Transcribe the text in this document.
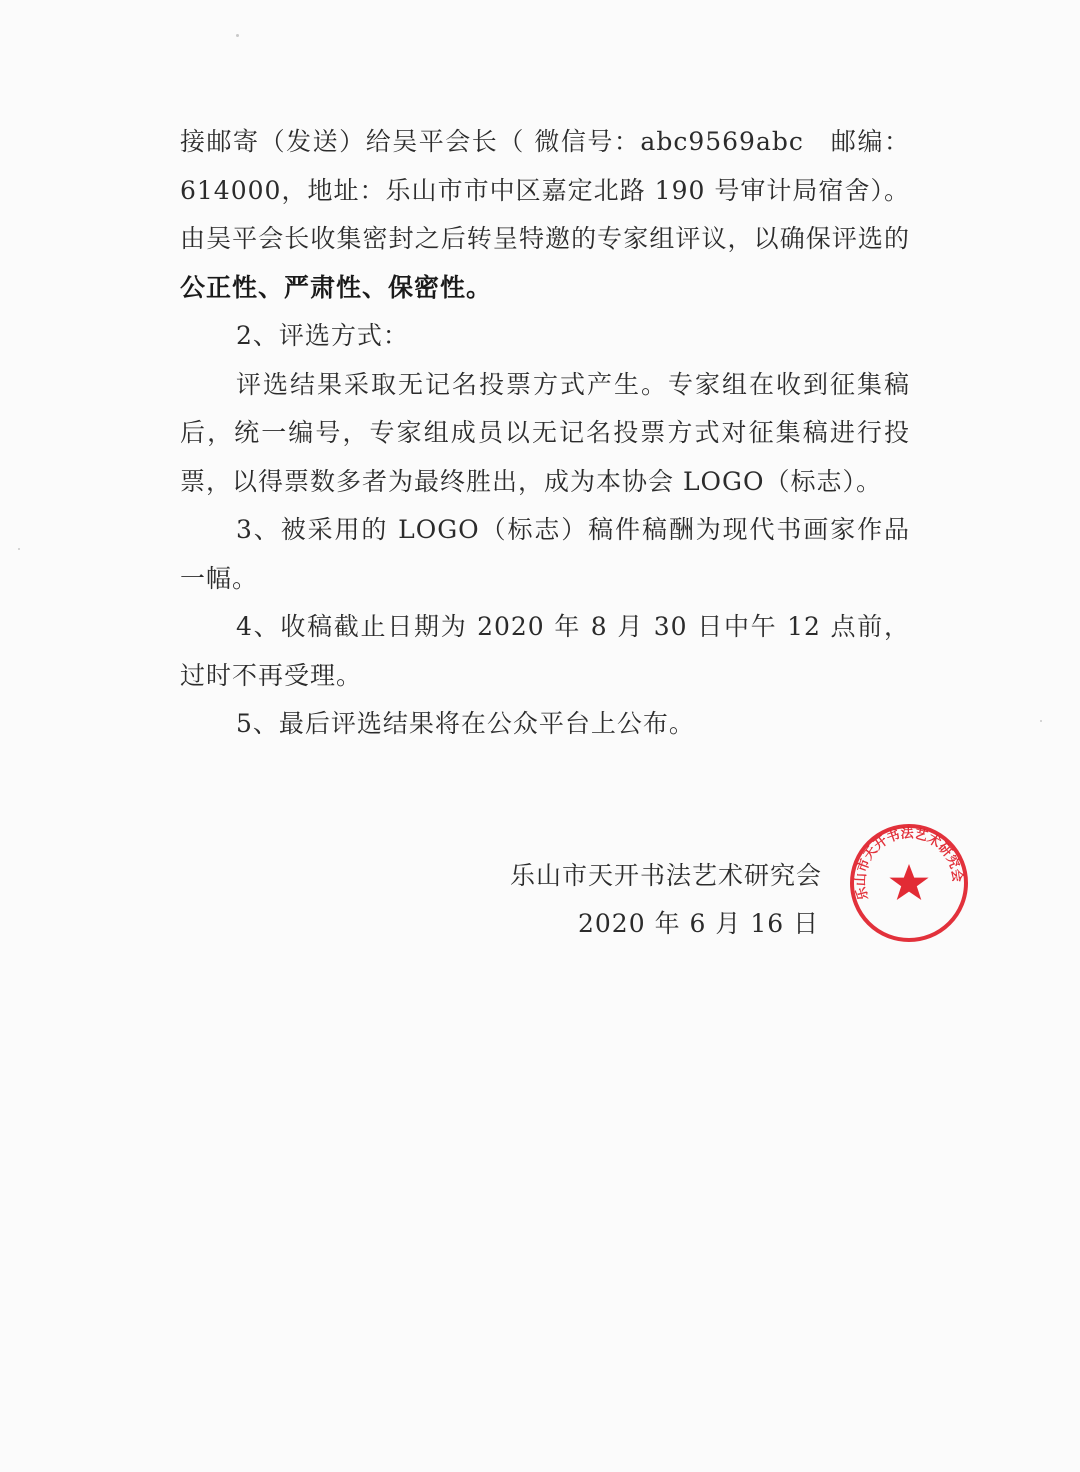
接邮寄（发送）给吴平会长（ 微信号：abc9569abc　邮编：614000，地址：乐山市市中区嘉定北路 190 号审计局宿舍）。由吴平会长收集密封之后转呈特邀的专家组评议，以确保评选的公正性、严肃性、保密性。

2、评选方式：

评选结果采取无记名投票方式产生。专家组在收到征集稿后，统一编号，专家组成员以无记名投票方式对征集稿进行投票，以得票数多者为最终胜出，成为本协会 LOGO（标志）。

3、被采用的 LOGO（标志）稿件稿酬为现代书画家作品一幅。

4、收稿截止日期为 2020 年 8 月 30 日中午 12 点前，过时不再受理。

5、最后评选结果将在公众平台上公布。

乐山市天开书法艺术研究会
2020 年 6 月 16 日
乐山市天开书法艺术研究会
